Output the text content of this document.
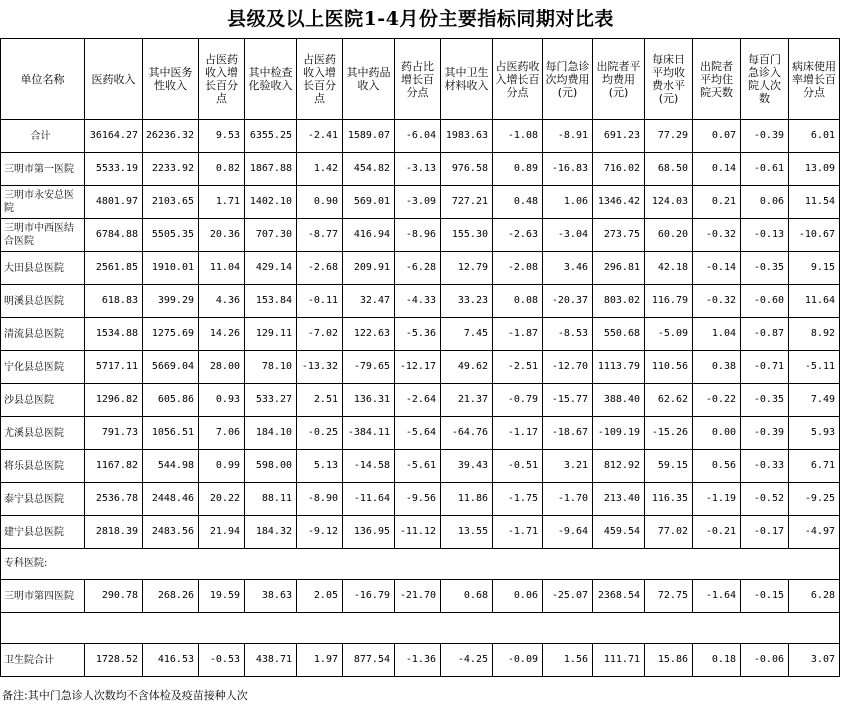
县级及以上医院1-4月份主要指标同期对比表
单位名称	医药收入	其中医务性收入	占医药收入增长百分点	其中检查化验收入	占医药收入增长百分点	其中药品收入	药占比增长百分点	其中卫生材料收入	占医药收入增长百分点	每门急诊次均费用(元)	出院者平均费用(元)	每床日平均收费水平(元)	出院者平均住院天数	每百门急诊入院人次数	病床使用率增长百分点
合计	36164.27	26236.32	9.53	6355.25	-2.41	1589.07	-6.04	1983.63	-1.08	-8.91	691.23	77.29	0.07	-0.39	6.01
三明市第一医院	5533.19	2233.92	0.82	1867.88	1.42	454.82	-3.13	976.58	0.89	-16.83	716.02	68.50	0.14	-0.61	13.09
三明市永安总医院	4801.97	2103.65	1.71	1402.10	0.90	569.01	-3.09	727.21	0.48	1.06	1346.42	124.03	0.21	0.06	11.54
三明市中西医结合医院	6784.88	5505.35	20.36	707.30	-8.77	416.94	-8.96	155.30	-2.63	-3.04	273.75	60.20	-0.32	-0.13	-10.67
大田县总医院	2561.85	1910.01	11.04	429.14	-2.68	209.91	-6.28	12.79	-2.08	3.46	296.81	42.18	-0.14	-0.35	9.15
明溪县总医院	618.83	399.29	4.36	153.84	-0.11	32.47	-4.33	33.23	0.08	-20.37	803.02	116.79	-0.32	-0.60	11.64
清流县总医院	1534.88	1275.69	14.26	129.11	-7.02	122.63	-5.36	7.45	-1.87	-8.53	550.68	-5.09	1.04	-0.87	8.92
宁化县总医院	5717.11	5669.04	28.00	78.10	-13.32	-79.65	-12.17	49.62	-2.51	-12.70	1113.79	110.56	0.38	-0.71	-5.11
沙县总医院	1296.82	605.86	0.93	533.27	2.51	136.31	-2.64	21.37	-0.79	-15.77	388.40	62.62	-0.22	-0.35	7.49
尤溪县总医院	791.73	1056.51	7.06	184.10	-0.25	-384.11	-5.64	-64.76	-1.17	-18.67	-109.19	-15.26	0.00	-0.39	5.93
将乐县总医院	1167.82	544.98	0.99	598.00	5.13	-14.58	-5.61	39.43	-0.51	3.21	812.92	59.15	0.56	-0.33	6.71
泰宁县总医院	2536.78	2448.46	20.22	88.11	-8.90	-11.64	-9.56	11.86	-1.75	-1.70	213.40	116.35	-1.19	-0.52	-9.25
建宁县总医院	2818.39	2483.56	21.94	184.32	-9.12	136.95	-11.12	13.55	-1.71	-9.64	459.54	77.02	-0.21	-0.17	-4.97
专科医院:															
三明市第四医院	290.78	268.26	19.59	38.63	2.05	-16.79	-21.70	0.68	0.06	-25.07	2368.54	72.75	-1.64	-0.15	6.28

卫生院合计	1728.52	416.53	-0.53	438.71	1.97	877.54	-1.36	-4.25	-0.09	1.56	111.71	15.86	0.18	-0.06	3.07
备注:其中门急诊人次数均不含体检及疫苗接种人次
